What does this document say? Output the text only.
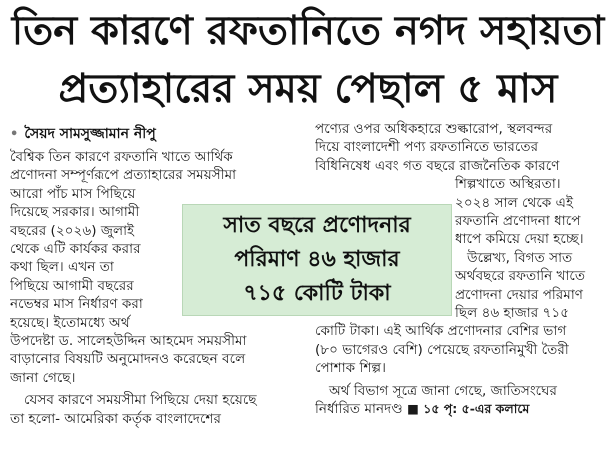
তিন কারণে রফতানিতে নগদ সহায়তা
প্রত্যাহারের সময় পেছাল ৫ মাস
• সৈয়দ সামসুজ্জামান নীপু
বৈশ্বিক তিন কারণে রফতানি খাতে আর্থিক
প্রণোদনা সম্পূর্ণরূপে প্রত্যাহারের সময়সীমা
আরো পাঁচ মাস পিছিয়ে
দিয়েছে সরকার। আগামী
বছরের (২০২৬) জুলাই
থেকে এটি কার্যকর করার
কথা ছিল। এখন তা
পিছিয়ে আগামী বছরের
নভেম্বর মাস নির্ধারণ করা
হয়েছে। ইতোমধ্যে অর্থ
উপদেষ্টা ড. সালেহউদ্দিন আহমেদ সময়সীমা
বাড়ানোর বিষয়টি অনুমোদনও করেছেন বলে
জানা গেছে।
যেসব কারণে সময়সীমা পিছিয়ে দেয়া হয়েছে
তা হলো- আমেরিকা কর্তৃক বাংলাদেশের
পণ্যের ওপর অধিকহারে শুল্কারোপ, স্থলবন্দর
দিয়ে বাংলাদেশী পণ্য রফতানিতে ভারতের
বিধিনিষেধ এবং গত বছরে রাজনৈতিক কারণে
শিল্পখাতে অস্থিরতা।
২০২৪ সাল থেকে এই
রফতানি প্রণোদনা ধাপে
ধাপে কমিয়ে দেয়া হচ্ছে।
উল্লেখ্য, বিগত সাত
অর্থবছরে রফতানি খাতে
প্রণোদনা দেয়ার পরিমাণ
ছিল ৪৬ হাজার ৭১৫
কোটি টাকা। এই আর্থিক প্রণোদনার বেশির ভাগ
(৮০ ভাগেরও বেশি) পেয়েছে রফতানিমুখী তৈরী
পোশাক শিল্প।
অর্থ বিভাগ সূত্রে জানা গেছে, জাতিসংঘের
নির্ধারিত মানদণ্ড ■ ১৫ পৃ: ৫-এর কলামে
সাত বছরে প্রণোদনার
পরিমাণ ৪৬ হাজার
৭১৫ কোটি টাকা
